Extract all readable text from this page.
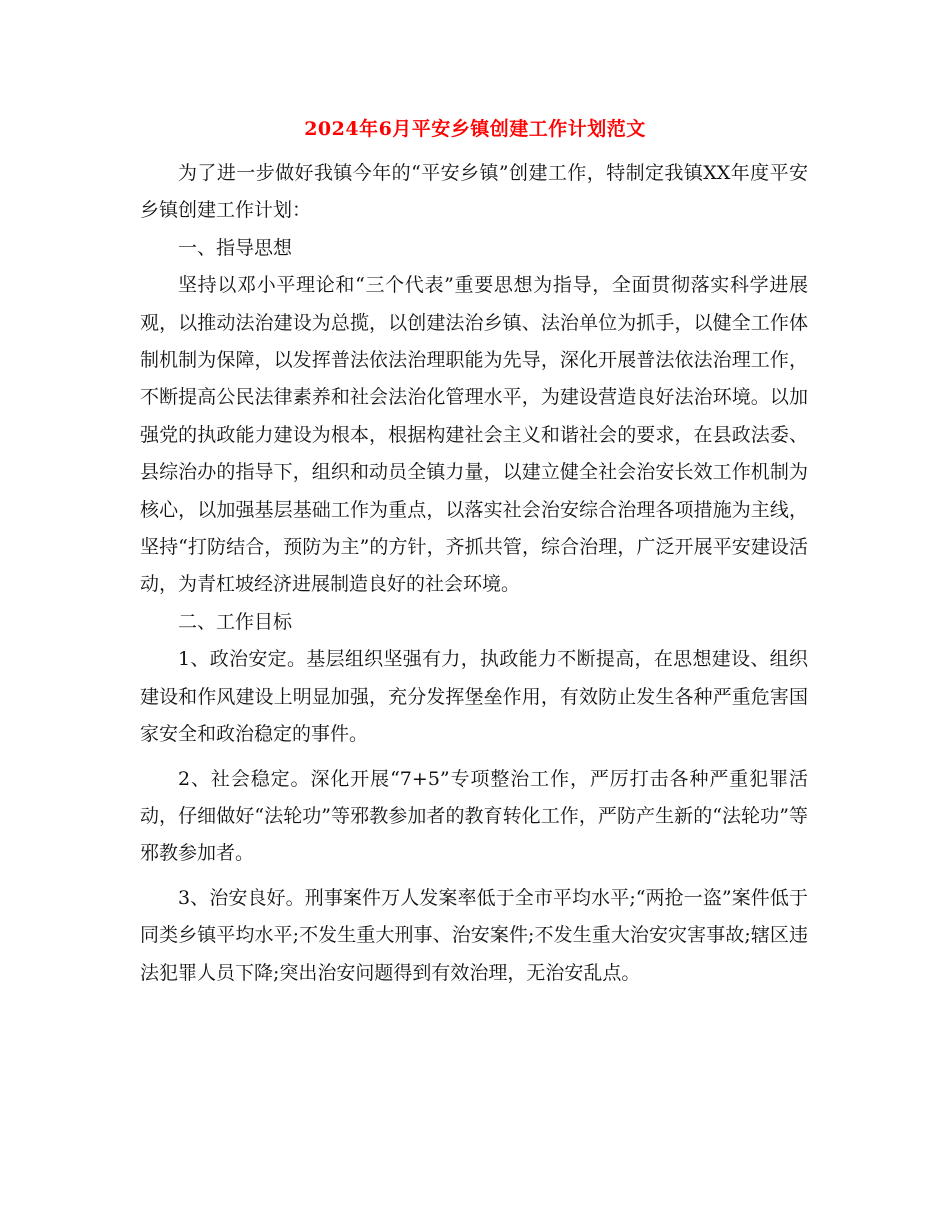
2024年6月平安乡镇创建工作计划范文

为了进一步做好我镇今年的“平安乡镇”创建工作，特制定我镇XX年度平安乡镇创建工作计划：

一、指导思想

坚持以邓小平理论和“三个代表”重要思想为指导，全面贯彻落实科学进展观，以推动法治建设为总揽，以创建法治乡镇、法治单位为抓手，以健全工作体制机制为保障，以发挥普法依法治理职能为先导，深化开展普法依法治理工作，不断提高公民法律素养和社会法治化管理水平，为建设营造良好法治环境。以加强党的执政能力建设为根本，根据构建社会主义和谐社会的要求，在县政法委、县综治办的指导下，组织和动员全镇力量，以建立健全社会治安长效工作机制为核心，以加强基层基础工作为重点，以落实社会治安综合治理各项措施为主线，坚持“打防结合，预防为主”的方针，齐抓共管，综合治理，广泛开展平安建设活动，为青杠坡经济进展制造良好的社会环境。

二、工作目标

1、政治安定。基层组织坚强有力，执政能力不断提高，在思想建设、组织建设和作风建设上明显加强，充分发挥堡垒作用，有效防止发生各种严重危害国家安全和政治稳定的事件。

2、社会稳定。深化开展“7+5”专项整治工作，严厉打击各种严重犯罪活动，仔细做好“法轮功”等邪教参加者的教育转化工作，严防产生新的“法轮功”等邪教参加者。

3、治安良好。刑事案件万人发案率低于全市平均水平;“两抢一盗”案件低于同类乡镇平均水平;不发生重大刑事、治安案件;不发生重大治安灾害事故;辖区违法犯罪人员下降;突出治安问题得到有效治理，无治安乱点。
